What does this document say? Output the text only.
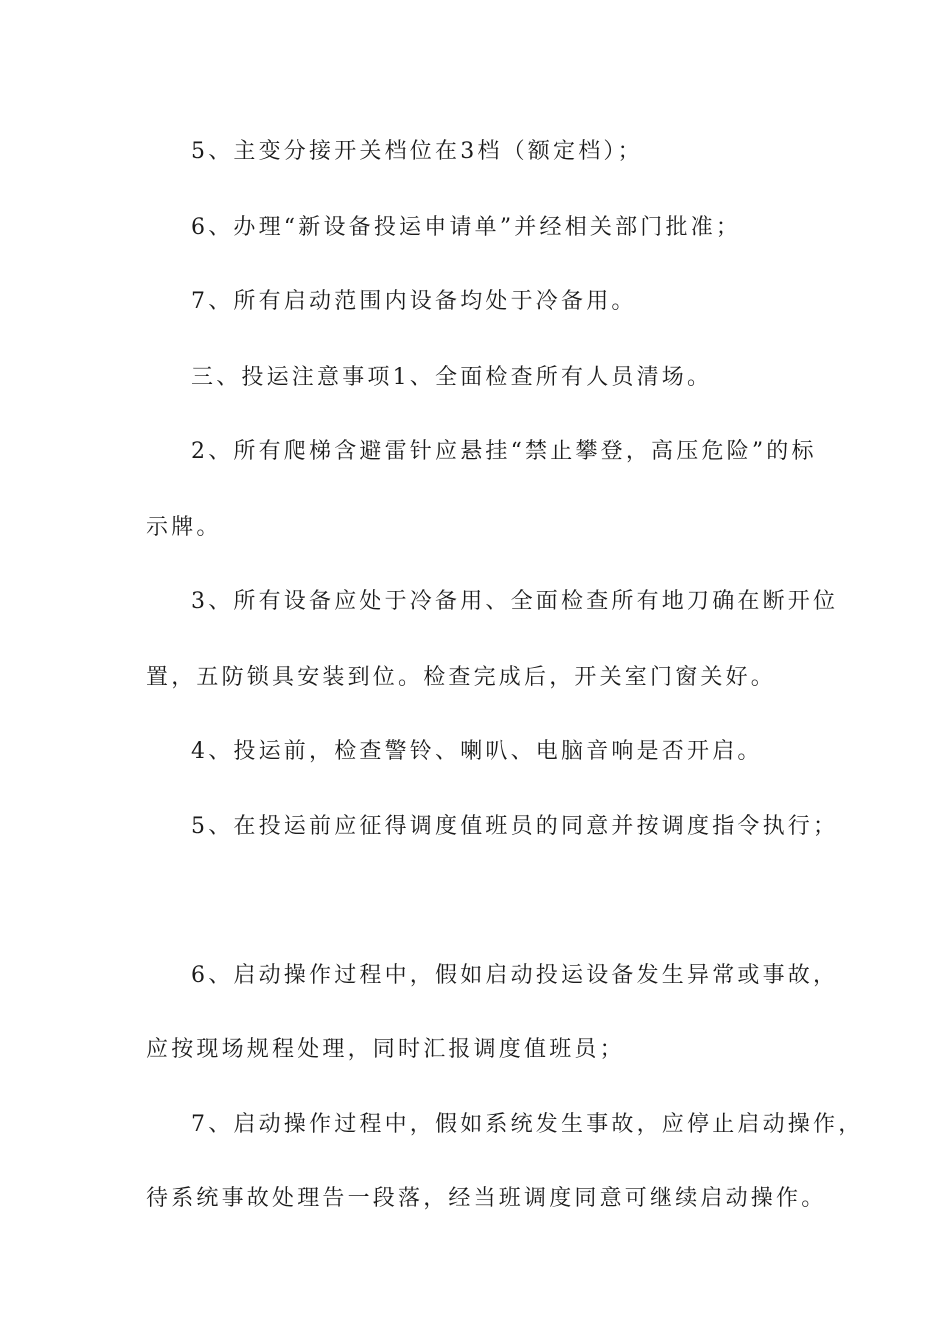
5、主变分接开关档位在3档（额定档）；
6、办理“新设备投运申请单”并经相关部门批准；
7、所有启动范围内设备均处于冷备用。
三、投运注意事项1、全面检查所有人员清场。
2、所有爬梯含避雷针应悬挂“禁止攀登，高压危险”的标
示牌。
3、所有设备应处于冷备用、全面检查所有地刀确在断开位
置，五防锁具安装到位。检查完成后，开关室门窗关好。
4、投运前，检查警铃、喇叭、电脑音响是否开启。
5、在投运前应征得调度值班员的同意并按调度指令执行；
6、启动操作过程中，假如启动投运设备发生异常或事故，
应按现场规程处理，同时汇报调度值班员；
7、启动操作过程中，假如系统发生事故，应停止启动操作，
待系统事故处理告一段落，经当班调度同意可继续启动操作。
